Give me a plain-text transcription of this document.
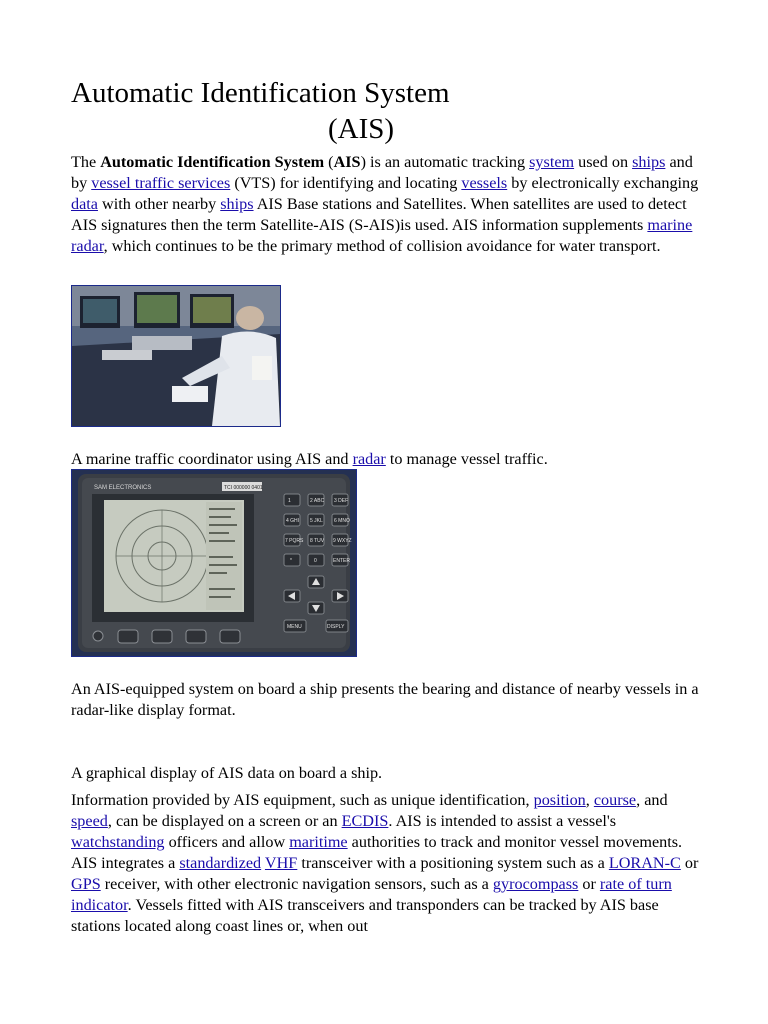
Automatic Identification System
(AIS)

The Automatic Identification System (AIS) is an automatic tracking system used on ships and by vessel traffic services (VTS) for identifying and locating vessels by electronically exchanging data with other nearby ships AIS Base stations and Satellites. When satellites are used to detect AIS signatures then the term Satellite-AIS (S-AIS)is used. AIS information supplements marine radar, which continues to be the primary method of collision avoidance for water transport.

A marine traffic coordinator using AIS and radar to manage vessel traffic.

SAM ELECTRONICS	TCI 000000 0401
1	2 ABC 3 DEF
4 GHI 5 JKL 6 MNO
7 PQRS 8 TUV 9 WXYZ
*	0	ENTER
MENU	DISPLY

An AIS-equipped system on board a ship presents the bearing and distance of nearby vessels in a radar-like display format.

A graphical display of AIS data on board a ship.

Information provided by AIS equipment, such as unique identification, position, course, and speed, can be displayed on a screen or an ECDIS. AIS is intended to assist a vessel's watchstanding officers and allow maritime authorities to track and monitor vessel movements. AIS integrates a standardized VHF transceiver with a positioning system such as a LORAN-C or GPS receiver, with other electronic navigation sensors, such as a gyrocompass or rate of turn indicator. Vessels fitted with AIS transceivers and transponders can be tracked by AIS base stations located along coast lines or, when out
